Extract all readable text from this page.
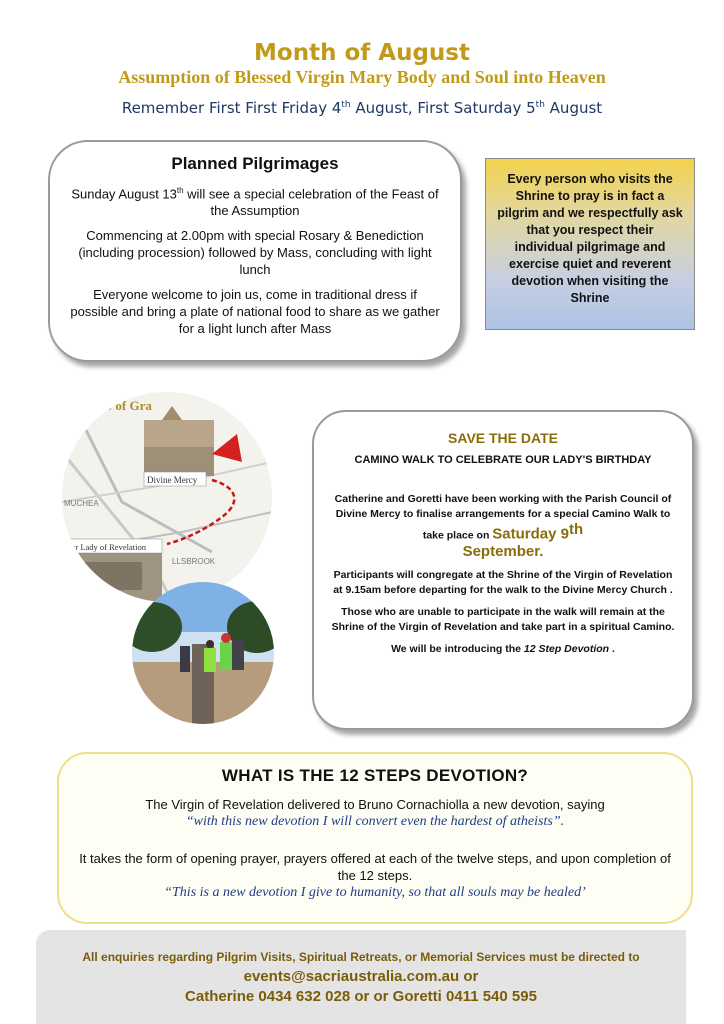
Month of August
Assumption of Blessed Virgin Mary Body and Soul into Heaven
Remember First First Friday 4th August, First Saturday 5th August
Planned Pilgrimages

Sunday August 13th will see a special celebration of the Feast of the Assumption

Commencing at 2.00pm with special Rosary & Benediction (including procession) followed by Mass, concluding with light lunch

Everyone welcome to join us, come in traditional dress if possible and bring a plate of national food to share as we gather for a light lunch after Mass

Every person who visits the Shrine to pray is in fact a pilgrim and we respectfully ask that you respect their individual pilgrimage and exercise quiet and reverent devotion when visiting the Shrine
mino of Gra
Divine Mercy
MUCHEA
Our Lady of Revelation
LLSBROOK
SAVE THE DATE
CAMINO WALK TO CELEBRATE OUR LADY'S BIRTHDAY

Catherine and Goretti have been working with the Parish Council of Divine Mercy to finalise arrangements for a special Camino Walk to take place on Saturday 9th
September.

Participants will congregate at the Shrine of the Virgin of Revelation at 9.15am before departing for the walk to the Divine Mercy Church .

Those who are unable to participate in the walk will remain at the Shrine of the Virgin of Revelation and take part in a spiritual Camino.

We will be introducing the 12 Step Devotion .

WHAT IS THE 12 STEPS DEVOTION?

The Virgin of Revelation delivered to Bruno Cornachiolla a new devotion, saying

“with this new devotion I will convert even the hardest of atheists”.

It takes the form of opening prayer, prayers offered at each of the twelve steps, and upon completion of the 12 steps.

“This is a new devotion I give to humanity, so that all souls may be healed’

All enquiries regarding Pilgrim Visits, Spiritual Retreats, or Memorial Services must be directed to
events@sacriaustralia.com.au or
Catherine 0434 632 028 or or Goretti 0411 540 595
